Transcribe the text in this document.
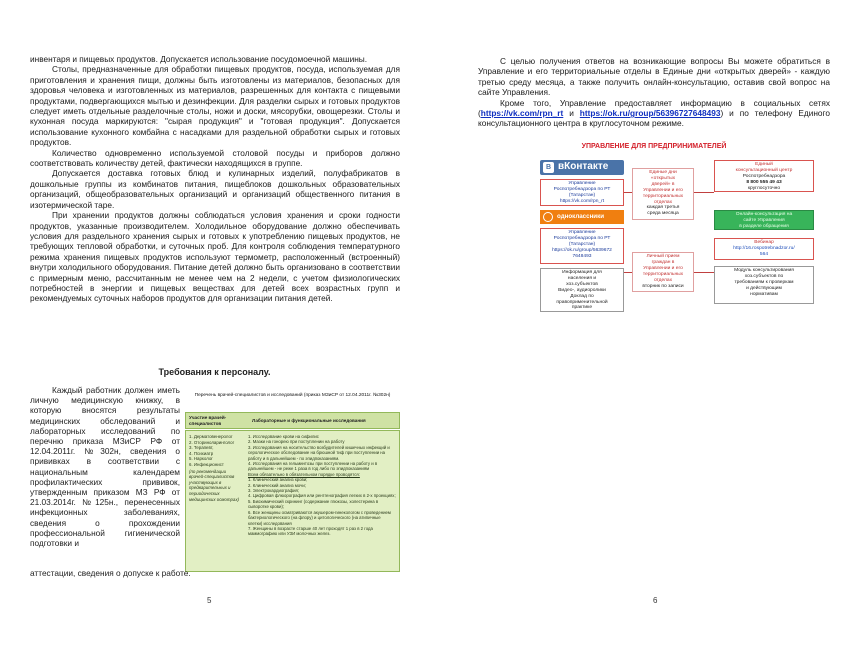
инвентаря и пищевых продуктов. Допускается использование посудомоечной машины.

Столы, предназначенные для обработки пищевых продуктов, посуда, используемая для приготовления и хранения пищи, должны быть изготовлены из материалов, безопасных для здоровья человека и изготовленных из материалов, разрешенных для контакта с пищевыми продуктами, подвергающихся мытью и дезинфекции. Для разделки сырых и готовых продуктов следует иметь отдельные разделочные столы, ножи и доски, мясорубки, овощерезки. Столы и кухонная посуда маркируются: "сырая продукция" и "готовая продукция". Допускается использование кухонного комбайна с насадками для раздельной обработки сырых и готовых продуктов.

Количество одновременно используемой столовой посуды и приборов должно соответствовать количеству детей, фактически находящихся в группе.

Допускается доставка готовых блюд и кулинарных изделий, полуфабрикатов в дошкольные группы из комбинатов питания, пищеблоков дошкольных образовательных организаций, общеобразовательных организаций и организаций общественного питания в изотермической таре.

При хранении продуктов должны соблюдаться условия хранения и сроки годности продуктов, указанные производителем. Холодильное оборудование должно обеспечивать условия для раздельного хранения сырых и готовых к употреблению пищевых продуктов, не требующих тепловой обработки, и суточных проб. Для контроля соблюдения температурного режима хранения пищевых продуктов используют термометр, расположенный (встроенный) внутри холодильного оборудования. Питание детей должно быть организовано в соответствии с примерным меню, рассчитанным не менее чем на 2 недели, с учетом физиологических потребностей в энергии и пищевых веществах для детей всех возрастных групп и рекомендуемых суточных наборов продуктов для организации питания детей.

Требования к персоналу.

Каждый работник должен иметь личную медицинскую книжку, в которую вносятся результаты медицинских обследований и лабораторных исследований по перечню приказа МЗиСР РФ от 12.04.2011г. №302н, сведения о прививках в соответствии с национальным календарем профилактических прививок, утвержденным приказом МЗ РФ от 21.03.2014г. №125н., перенесенных инфекционных заболеваниях, сведения о прохождении профессиональной гигиенической подготовки и

Перечень врачей-специалистов и исследований (приказ МЗиСР от 12.04.2011г. №302н)
Участие врачей-специалистов	Лабораторные и функциональные исследования
1. Дерматовенеролог
2. Оториноларинголог
3. Терапевт,
4. Психиатр
5. Нарколог
6. Инфекционист
(по рекомендации врачей-специалистов участвующих в предварительных и периодических медицинских осмотрах)
1. Исследование крови на сифилис
2. Мазки на гонорею при поступлении на работу
3. Исследования на носительство возбудителей кишечных инфекций и серологическое обследование на брюшной тиф при поступлении на работу и в дальнейшем - по эпидпоказаниям.
4. Исследования на гельминтозы при поступлении на работу и в дальнейшем - не реже 1 раза в год либо по эпидпоказаниям
Всем обязательно в обязательном порядке проводятся:
1. Клинический анализ крови;
2. Клинический анализ мочи;
3. Электрокардиография;
4. Цифровая флюорография или рентгенография легких в 2-х проекциях;
5. Биохимический скрининг (содержание глюкозы, холестерина в сыворотке крови);
6. Все женщины осматриваются акушером-гинекологом с проведением бактериологического (на флору) и цитологического (на атипичные клетки) исследования
7. Женщины в возрасте старше 40 лет проходят 1 раз в 2 года маммографию или УЗИ молочных желез.
аттестации, сведения о допуске к работе.
5

С целью получения ответов на возникающие вопросы Вы можете обратиться в Управление и его территориальные отделы в Единые дни «открытых дверей» - каждую третью среду месяца, а также получить онлайн-консультацию, оставив свой вопрос на сайте Управления.

Кроме того, Управление предоставляет информацию в социальных сетях (https://vk.com/rpn_rt и https://ok.ru/group/56396727648493) и по телефону Единого консультационного центра в круглосуточном режиме.

УПРАВЛЕНИЕ ДЛЯ ПРЕДПРИНИМАТЕЛЕЙ
В вКонтакте
Управление
Роспотребнадзора по РТ
(Татарстан)
https://vk.com/rpn_rt
одноклассники
Управление
Роспотребнадзора по РТ
(Татарстан)
https://ok.ru/group/5639672
7648493
Информация для
населения и
хоз.субъектов
Видео-, аудиоролики
Доклад по
правоприменительной
практике
Единые дни
«открытых
дверей» в
Управлении и его
территориальных
отделах
каждая третья
среда месяца
Личный прием
граждан в
Управлении и его
территориальных
отделах
вторник по записи
Единый
консультационный центр
Роспотребнадзора
8 800 555 49 43
круглосуточно
Онлайн-консультация на
сайте Управления
в разделе обращения
Вебинар
http://16.rospotrebnadzor.ru/
564
Модуль консультирования
хоз.субъектов по
требованиям к проверкам
и действующим
нормативам
6
